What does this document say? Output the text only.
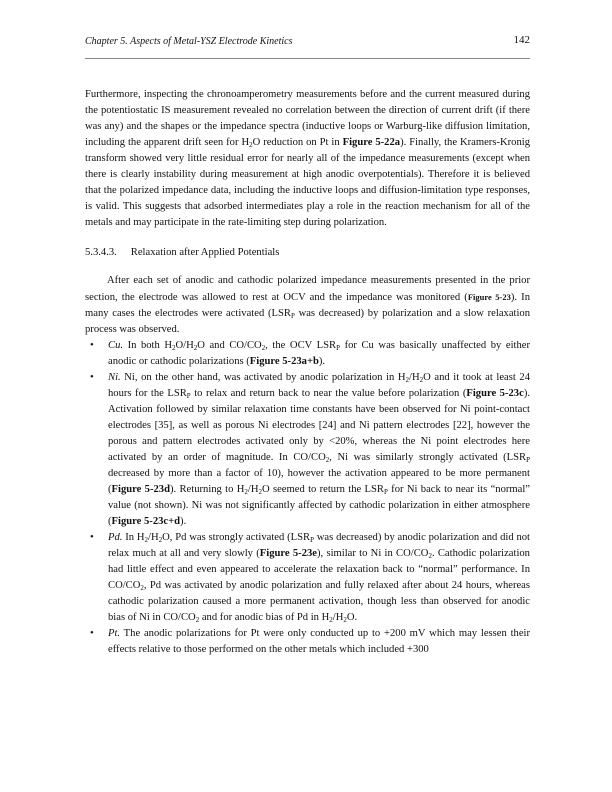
Chapter 5. Aspects of Metal-YSZ Electrode Kinetics	142

Furthermore, inspecting the chronoamperometry measurements before and the current measured during the potentiostatic IS measurement revealed no correlation between the direction of current drift (if there was any) and the shapes or the impedance spectra (inductive loops or Warburg-like diffusion limitation, including the apparent drift seen for $H_2O$ reduction on Pt in Figure 5-22a). Finally, the Kramers-Kronig transform showed very little residual error for nearly all of the impedance measurements (except when there is clearly instability during measurement at high anodic overpotentials). Therefore it is believed that the polarized impedance data, including the inductive loops and diffusion-limitation type responses, is valid. This suggests that adsorbed intermediates play a role in the reaction mechanism for all of the metals and may participate in the rate-limiting step during polarization.

5.3.4.3. Relaxation after Applied Potentials

After each set of anodic and cathodic polarized impedance measurements presented in the prior section, the electrode was allowed to rest at OCV and the impedance was monitored (Figure 5-23). In many cases the electrodes were activated ($LSR_P$ was decreased) by polarization and a slow relaxation process was observed.

• Cu. In both $H_2O/H_2O$ and $CO/CO_2$, the OCV $LSR_P$ for Cu was basically unaffected by either anodic or cathodic polarizations (Figure 5-23a+b).
• Ni. Ni, on the other hand, was activated by anodic polarization in $H_2/H_2O$ and it took at least 24 hours for the $LSR_P$ to relax and return back to near the value before polarization (Figure 5-23c). Activation followed by similar relaxation time constants have been observed for Ni point-contact electrodes [35], as well as porous Ni electrodes [24] and Ni pattern electrodes [22], however the porous and pattern electrodes activated only by <20%, whereas the Ni point electrodes here activated by an order of magnitude. In $CO/CO_2$, Ni was similarly strongly activated ($LSR_P$ decreased by more than a factor of 10), however the activation appeared to be more permanent (Figure 5-23d). Returning to $H_2/H_2O$ seemed to return the $LSR_P$ for Ni back to near its “normal” value (not shown). Ni was not significantly affected by cathodic polarization in either atmosphere (Figure 5-23c+d).
• Pd. In $H_2/H_2O$, Pd was strongly activated ($LSR_P$ was decreased) by anodic polarization and did not relax much at all and very slowly (Figure 5-23e), similar to Ni in $CO/CO_2$. Cathodic polarization had little effect and even appeared to accelerate the relaxation back to “normal” performance. In $CO/CO_2$, Pd was activated by anodic polarization and fully relaxed after about 24 hours, whereas cathodic polarization caused a more permanent activation, though less than observed for anodic bias of Ni in $CO/CO_2$ and for anodic bias of Pd in $H_2/H_2O$.
• Pt. The anodic polarizations for Pt were only conducted up to +200 mV which may lessen their effects relative to those performed on the other metals which included +300
